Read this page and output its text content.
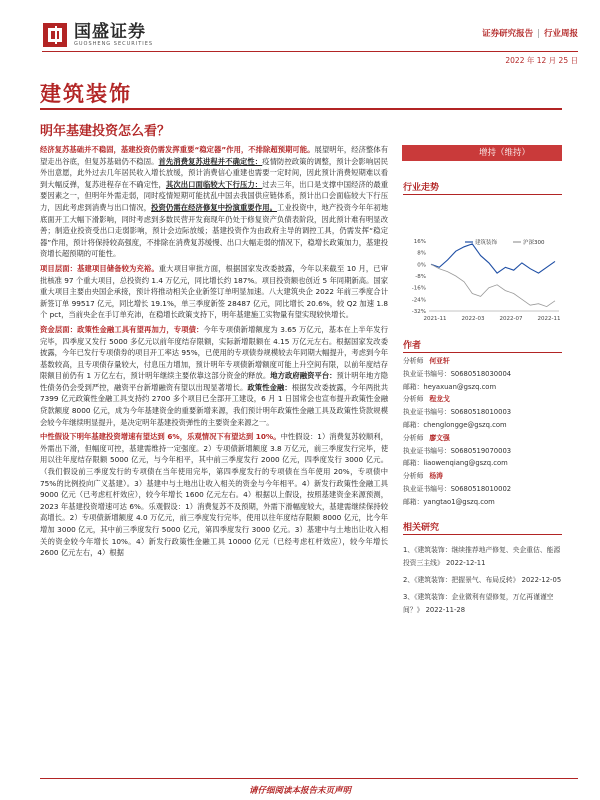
国盛证券
GUOSHENG SECURITIES
证券研究报告 | 行业周报
2022 年 12 月 25 日
建筑装饰
明年基建投资怎么看？

经济复苏基础并不稳固，基建投资仍需发挥重要“稳定器”作用，不排除超预期可能。展望明年，经济整体有望走出谷底，但复苏基础仍不稳固。首先消费复苏进程并不确定性：疫情防控政策的调整，预计会影响居民外出意愿，此外过去几年居民收入增长放缓，预计消费信心重建也需要一定时间，因此预计消费短期难以看到大幅反弹，复苏进程存在不确定性，其次出口面临较大下行压力：过去三年，出口是支撑中国经济的最重要因素之一，但明年外需走弱，同时疫情短期可能扰乱中国去我国供应链体系，预计出口会面临较大下行压力，因此考虑到消费与出口情况，投资仍需在经济修复中扮演重要作用。工业投资中，地产投资今年年初地底面开工大幅下滑影响，同时考虑到多数民营开发商现年仍处于修复资产负债表阶段，因此预计难有明显改善；制造业投资受出口走弱影响，预计会边际放缓；基建投资作为由政府主导的调控工具，仍需发挥“稳定器”作用，预计将保持较高强度，不排除在消费复苏缓慢、出口大幅走弱的情况下，稳增长政策加力，基建投资增长超预期的可能性。

项目层面：基建项目储备较为充裕。重大项目审批方面，根据国家发改委披露，今年以来截至 10 月，已审批核准 97 个重大项目，总投资约 1.4 万亿元，同比增长约 187%。项目投资额也创近 5 年同期新高。国家重大项目主要由央国企承接，预计将推动相关企业新签订单明显加速。八大建筑央企 2022 年前三季度合计新签订单 99517 亿元，同比增长 19.1%，单三季度新签 28487 亿元，同比增长 20.6%，较 Q2 加速 1.8 个 pct，当前央企在手订单充沛，在稳增长政策支持下，明年基建施工实物量有望实现较快增长。

资金层面：政策性金融工具有望再加力，专项债：今年专项债新增额度为 3.65 万亿元，基本在上半年发行完毕，四季度又发行 5000 多亿元以前年度结存限额，实际新增限额在 4.15 万亿元左右。根据国家发改委披露，今年已发行专项债券的项目开工率达 95%，已使用的专项债券规模较去年同期大幅提升，考虑到今年基数较高，且专项债存量较大，付息压力增加，预计明年专项债新增额度可能上升空间有限，以前年度结存限额目前仍有 1 万亿左右，预计明年继续主要依靠这部分资金的释放。地方政府融资平台：预计明年地方隐性债务仍会受到严控，融资平台新增融资有望以出现显著增长。政策性金融：根据发改委披露，今年两批共 7399 亿元政策性金融工具支持约 2700 多个项目已全部开工建设，6 月 1 日国常会也宣布提升政策性金融贷款额度 8000 亿元，成为今年基建资金的重要新增来源，我们预计明年政策性金融工具及政策性贷款规模会较今年继续明显提升，是决定明年基建投资弹性的主要资金来源之一。

中性假设下明年基建投资增速有望达到 6%，乐观情况下有望达到 10%。中性假设：1）消费复苏较顺利，外需出下滑，但幅度可控，基建需维持一定强度。2）专项债新增额度 3.8 万亿元，前三季度发行完毕，使用以往年度结存限额 5000 亿元，与今年相平，其中前三季度发行 2000 亿元，四季度发行 3000 亿元。（我们假设前三季度发行的专项债在当年使用完毕，第四季度发行的专项债在当年使用 20%，专项债中 75%的比例投向广义基建）。3）基建中与土地出让收入相关的资金与今年相平。4）新发行政策性金融工具 9000 亿元（已考虑杠杆效应），较今年增长 1600 亿元左右。4）根据以上假设，按照基建资金来源预测，2023 年基建投资增速可达 6%。乐观假设：1）消费复苏不及预期，外需下滑幅度较大，基建需继续保持较高增长。2）专项债新增额度 4.0 万亿元，前三季度发行完毕，使用以往年度结存限额 8000 亿元，比今年增加 3000 亿元，其中前三季度发行 5000 亿元，第四季度发行 3000 亿元。3）基建中与土地出让收入相关的资金较今年增长 10%。4）新发行政策性金融工具 10000 亿元（已经考虑杠杆效应），较今年增长 2600 亿元左右，4）根据

增持（维持）
行业走势
16%
8%
0%
-8%
-16%
-24%
-32%
2021-11	2022-03	2022-07	2022-11
建筑装饰	沪深300
作者
分析师 何亚轩
执业证书编号：S0680518030004
邮箱：heyaxuan@gszq.com
分析师 程龙戈
执业证书编号：S0680518010003
邮箱：chenglongge@gszq.com
分析师 廖文强
执业证书编号：S0680519070003
邮箱：liaowenqiang@gszq.com
分析师 杨涛
执业证书编号：S0680518010002
邮箱：yangtao1@gszq.com
相关研究
1、《建筑装饰：继续推荐地产修复、央企重估、能源投资三主线》 2022-12-11
2、《建筑装饰：把握景气、布局反转》 2022-12-05
3、《建筑装饰：企业微利有望修复，万亿再谨谨空间？》 2022-11-28
请仔细阅读本报告末页声明
